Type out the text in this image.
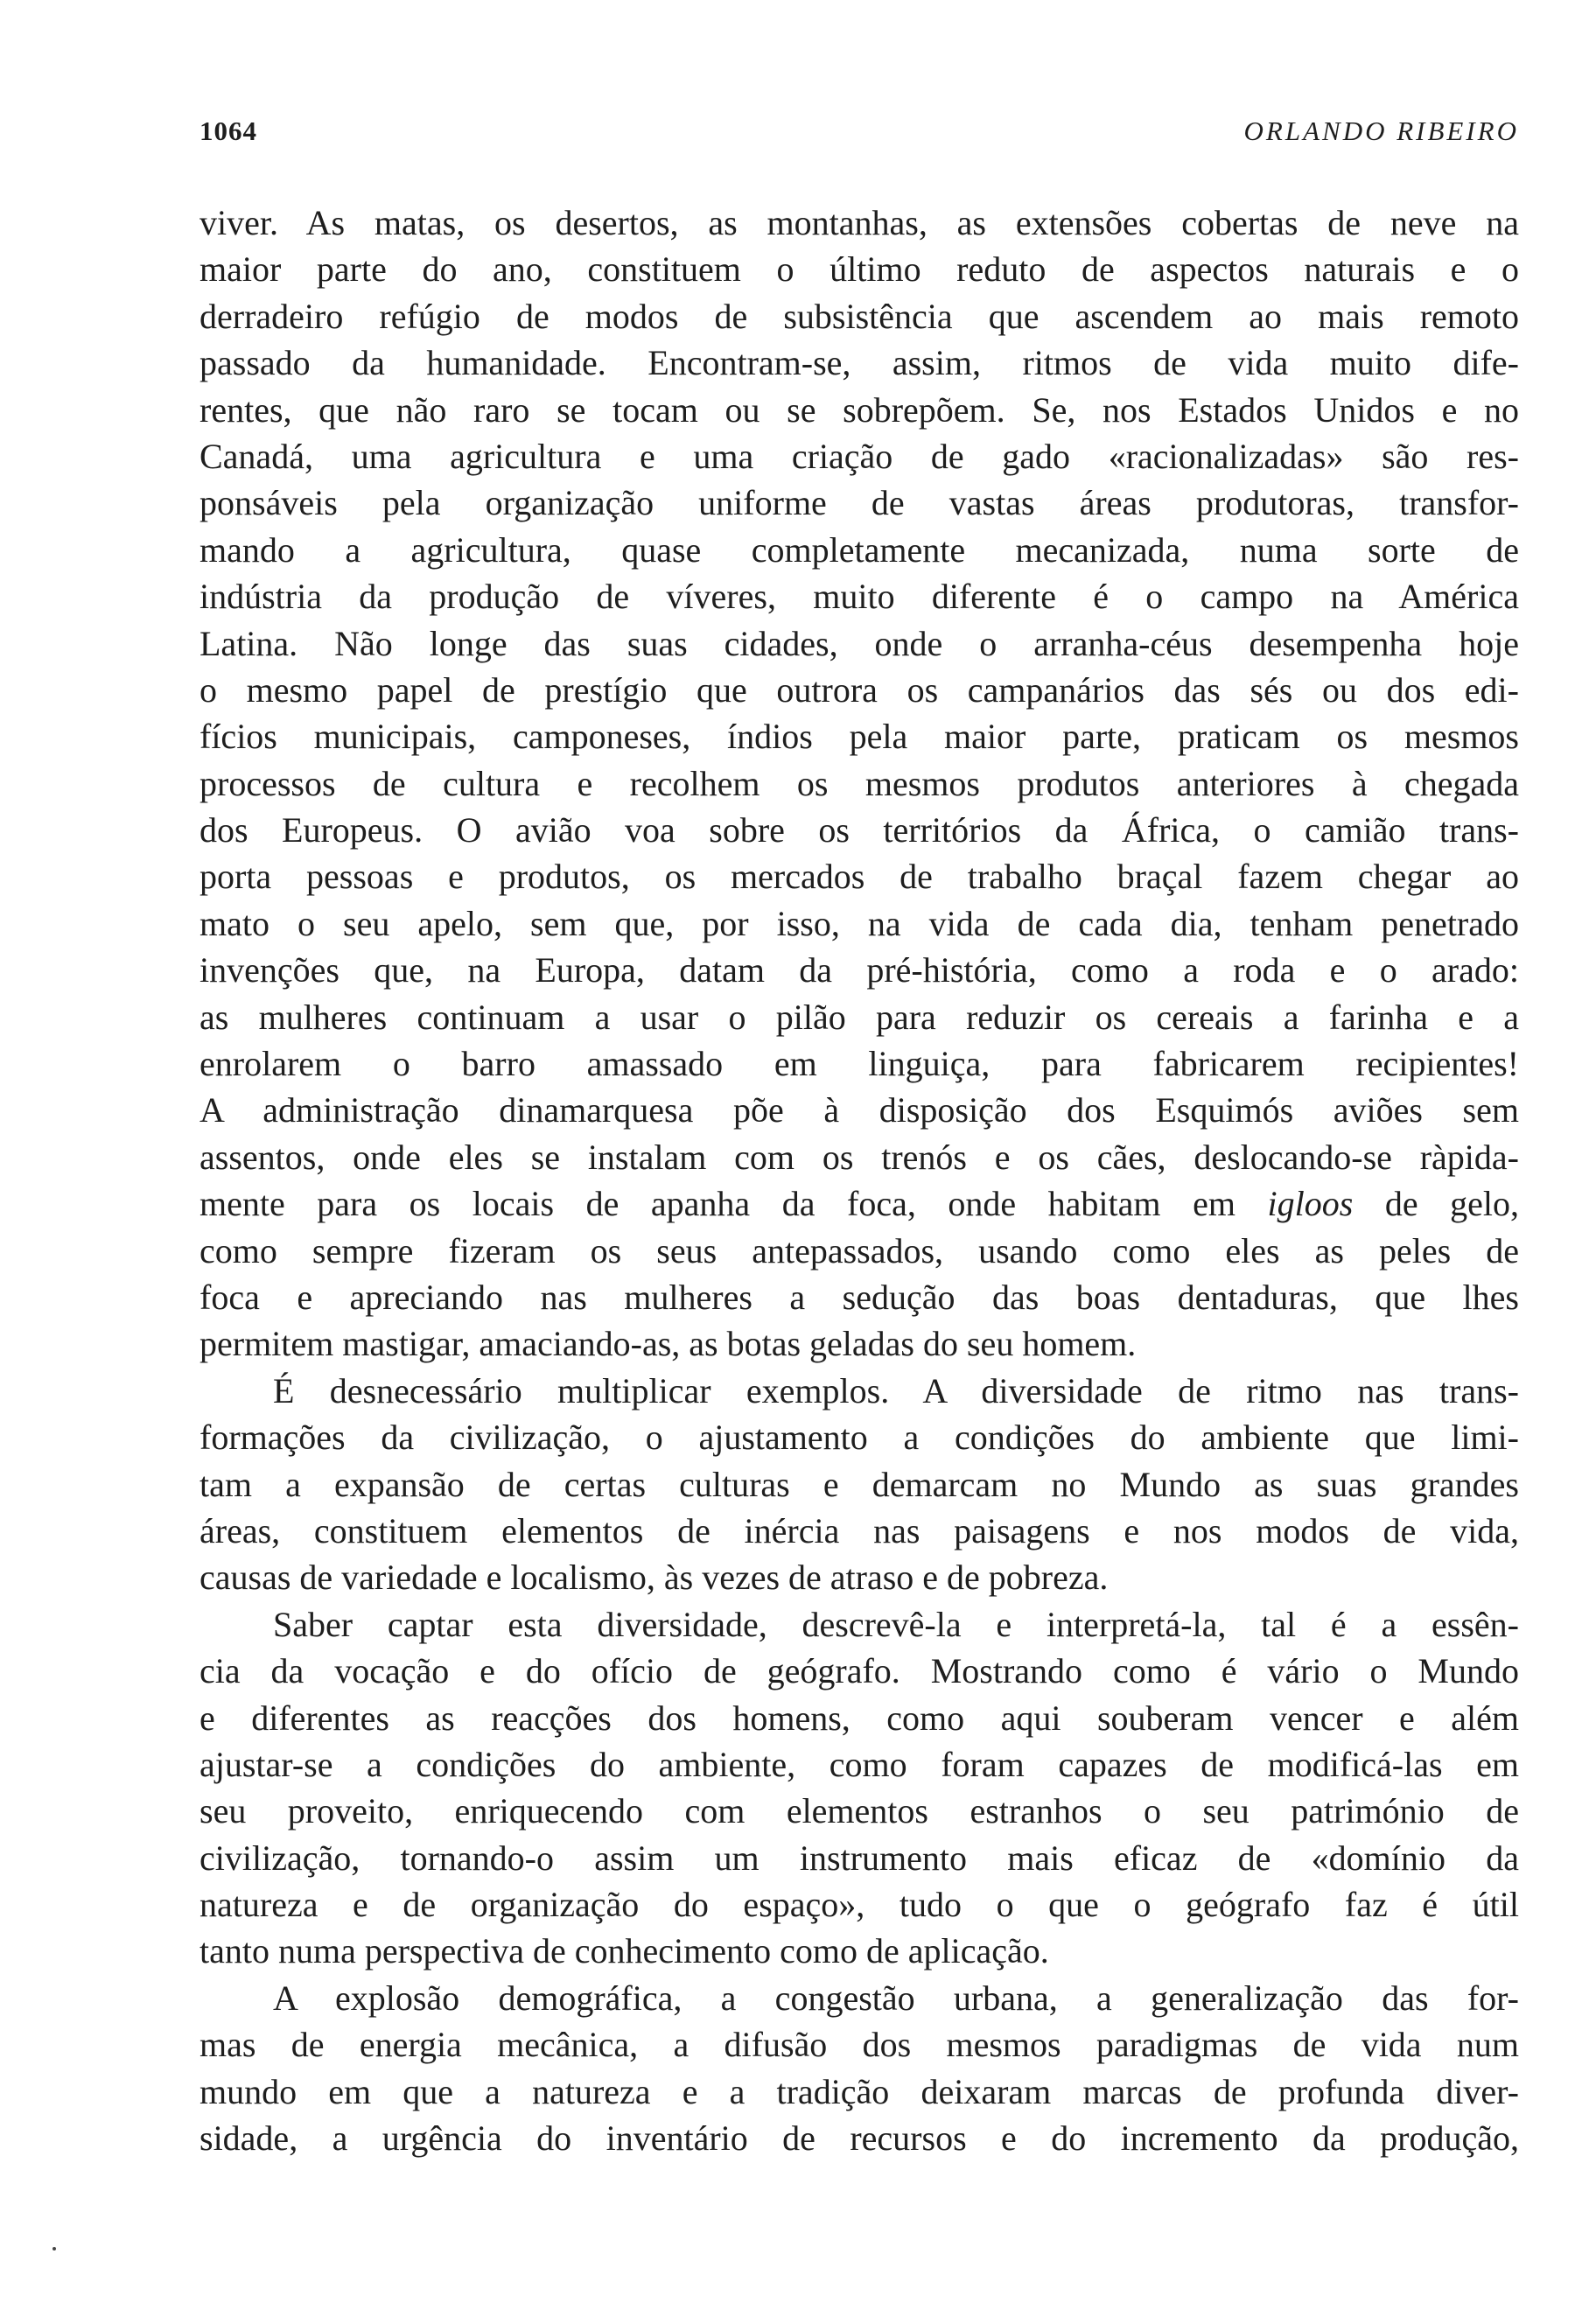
1064	ORLANDO RIBEIRO
viver. As matas, os desertos, as montanhas, as extensões cobertas de neve na
maior parte do ano, constituem o último reduto de aspectos naturais e o
derradeiro refúgio de modos de subsistência que ascendem ao mais remoto
passado da humanidade. Encontram-se, assim, ritmos de vida muito dife-
rentes, que não raro se tocam ou se sobrepõem. Se, nos Estados Unidos e no
Canadá, uma agricultura e uma criação de gado «racionalizadas» são res-
ponsáveis pela organização uniforme de vastas áreas produtoras, transfor-
mando a agricultura, quase completamente mecanizada, numa sorte de
indústria da produção de víveres, muito diferente é o campo na América
Latina. Não longe das suas cidades, onde o arranha-céus desempenha hoje
o mesmo papel de prestígio que outrora os campanários das sés ou dos edi-
fícios municipais, camponeses, índios pela maior parte, praticam os mesmos
processos de cultura e recolhem os mesmos produtos anteriores à chegada
dos Europeus. O avião voa sobre os territórios da África, o camião trans-
porta pessoas e produtos, os mercados de trabalho braçal fazem chegar ao
mato o seu apelo, sem que, por isso, na vida de cada dia, tenham penetrado
invenções que, na Europa, datam da pré-história, como a roda e o arado:
as mulheres continuam a usar o pilão para reduzir os cereais a farinha e a
enrolarem o barro amassado em linguiça, para fabricarem recipientes!
A administração dinamarquesa põe à disposição dos Esquimós aviões sem
assentos, onde eles se instalam com os trenós e os cães, deslocando-se ràpida-
mente para os locais de apanha da foca, onde habitam em igloos de gelo,
como sempre fizeram os seus antepassados, usando como eles as peles de
foca e apreciando nas mulheres a sedução das boas dentaduras, que lhes
permitem mastigar, amaciando-as, as botas geladas do seu homem.
É desnecessário multiplicar exemplos. A diversidade de ritmo nas trans-
formações da civilização, o ajustamento a condições do ambiente que limi-
tam a expansão de certas culturas e demarcam no Mundo as suas grandes
áreas, constituem elementos de inércia nas paisagens e nos modos de vida,
causas de variedade e localismo, às vezes de atraso e de pobreza.
Saber captar esta diversidade, descrevê-la e interpretá-la, tal é a essên-
cia da vocação e do ofício de geógrafo. Mostrando como é vário o Mundo
e diferentes as reacções dos homens, como aqui souberam vencer e além
ajustar-se a condições do ambiente, como foram capazes de modificá-las em
seu proveito, enriquecendo com elementos estranhos o seu património de
civilização, tornando-o assim um instrumento mais eficaz de «domínio da
natureza e de organização do espaço», tudo o que o geógrafo faz é útil
tanto numa perspectiva de conhecimento como de aplicação.
A explosão demográfica, a congestão urbana, a generalização das for-
mas de energia mecânica, a difusão dos mesmos paradigmas de vida num
mundo em que a natureza e a tradição deixaram marcas de profunda diver-
sidade, a urgência do inventário de recursos e do incremento da produção,
